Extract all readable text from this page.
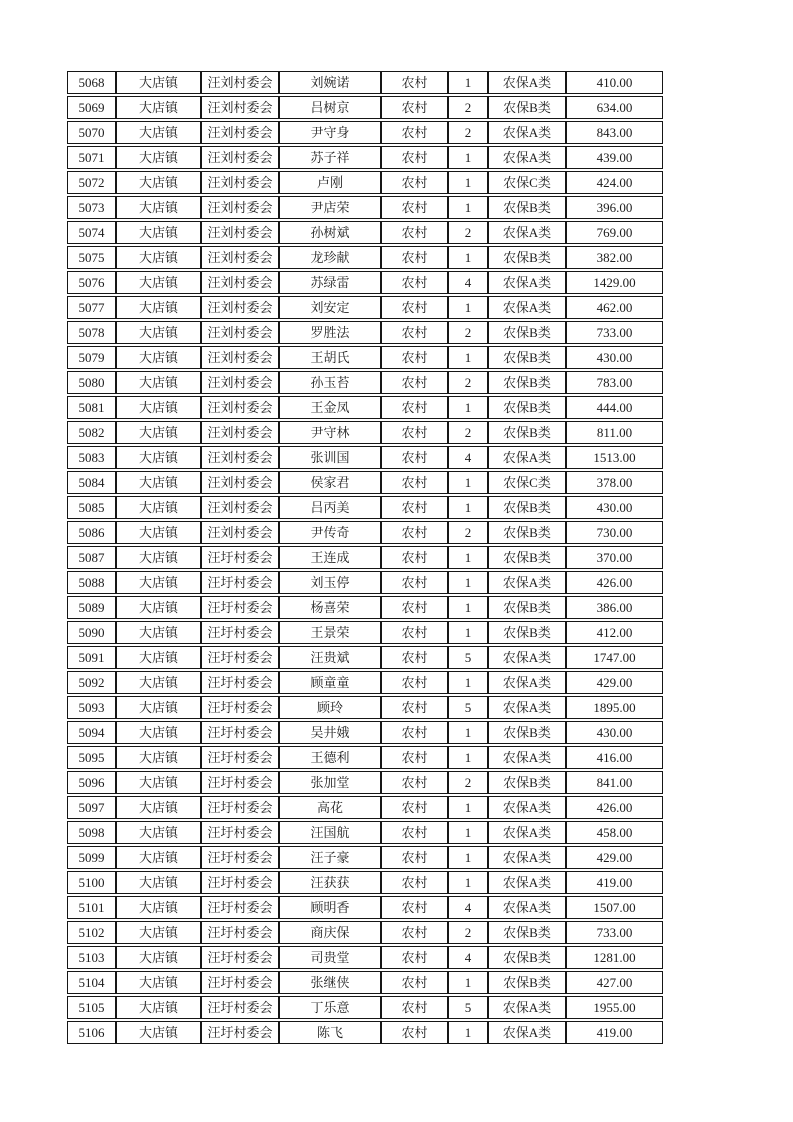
5068	大店镇	汪刘村委会	刘婉诺	农村	1	农保A类	410.00
5069	大店镇	汪刘村委会	吕树京	农村	2	农保B类	634.00
5070	大店镇	汪刘村委会	尹守身	农村	2	农保A类	843.00
5071	大店镇	汪刘村委会	苏子祥	农村	1	农保A类	439.00
5072	大店镇	汪刘村委会	卢刚	农村	1	农保C类	424.00
5073	大店镇	汪刘村委会	尹店荣	农村	1	农保B类	396.00
5074	大店镇	汪刘村委会	孙树斌	农村	2	农保A类	769.00
5075	大店镇	汪刘村委会	龙珍献	农村	1	农保B类	382.00
5076	大店镇	汪刘村委会	苏绿雷	农村	4	农保A类	1429.00
5077	大店镇	汪刘村委会	刘安定	农村	1	农保A类	462.00
5078	大店镇	汪刘村委会	罗胜法	农村	2	农保B类	733.00
5079	大店镇	汪刘村委会	王胡氏	农村	1	农保B类	430.00
5080	大店镇	汪刘村委会	孙玉苔	农村	2	农保B类	783.00
5081	大店镇	汪刘村委会	王金凤	农村	1	农保B类	444.00
5082	大店镇	汪刘村委会	尹守林	农村	2	农保B类	811.00
5083	大店镇	汪刘村委会	张训国	农村	4	农保A类	1513.00
5084	大店镇	汪刘村委会	侯家君	农村	1	农保C类	378.00
5085	大店镇	汪刘村委会	吕丙美	农村	1	农保B类	430.00
5086	大店镇	汪刘村委会	尹传奇	农村	2	农保B类	730.00
5087	大店镇	汪圩村委会	王连成	农村	1	农保B类	370.00
5088	大店镇	汪圩村委会	刘玉停	农村	1	农保A类	426.00
5089	大店镇	汪圩村委会	杨喜荣	农村	1	农保B类	386.00
5090	大店镇	汪圩村委会	王景荣	农村	1	农保B类	412.00
5091	大店镇	汪圩村委会	汪贵斌	农村	5	农保A类	1747.00
5092	大店镇	汪圩村委会	顾童童	农村	1	农保A类	429.00
5093	大店镇	汪圩村委会	顾玲	农村	5	农保A类	1895.00
5094	大店镇	汪圩村委会	吴井娥	农村	1	农保B类	430.00
5095	大店镇	汪圩村委会	王德利	农村	1	农保A类	416.00
5096	大店镇	汪圩村委会	张加堂	农村	2	农保B类	841.00
5097	大店镇	汪圩村委会	高花	农村	1	农保A类	426.00
5098	大店镇	汪圩村委会	汪国航	农村	1	农保A类	458.00
5099	大店镇	汪圩村委会	汪子豪	农村	1	农保A类	429.00
5100	大店镇	汪圩村委会	汪获获	农村	1	农保A类	419.00
5101	大店镇	汪圩村委会	顾明香	农村	4	农保A类	1507.00
5102	大店镇	汪圩村委会	商庆保	农村	2	农保B类	733.00
5103	大店镇	汪圩村委会	司贵堂	农村	4	农保B类	1281.00
5104	大店镇	汪圩村委会	张继侠	农村	1	农保B类	427.00
5105	大店镇	汪圩村委会	丁乐意	农村	5	农保A类	1955.00
5106	大店镇	汪圩村委会	陈飞	农村	1	农保A类	419.00
